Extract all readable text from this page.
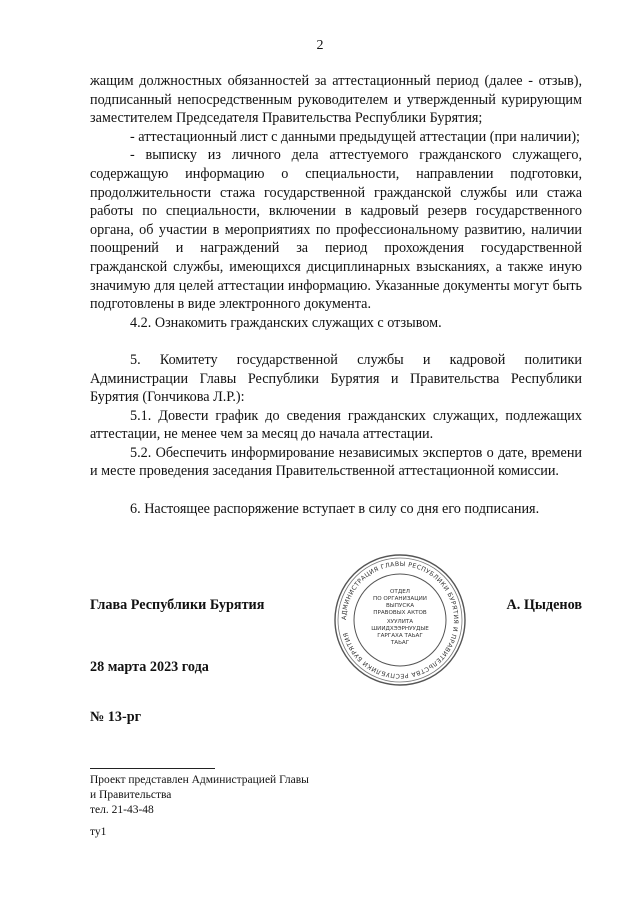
2

жащим должностных обязанностей за аттестационный период (далее - отзыв), подписанный непосредственным руководителем и утвержденный курирующим заместителем Председателя Правительства Республики Бурятия;

- аттестационный лист с данными предыдущей аттестации (при наличии);

- выписку из личного дела аттестуемого гражданского служащего, содержащую информацию о специальности, направлении подготовки, продолжительности стажа государственной гражданской службы или стажа работы по специальности, включении в кадровый резерв государственного органа, об участии в мероприятиях по профессиональному развитию, наличии поощрений и награждений за период прохождения государственной гражданской службы, имеющихся дисциплинарных взысканиях, а также иную значимую для целей аттестации информацию. Указанные документы могут быть подготовлены в виде электронного документа.

4.2. Ознакомить гражданских служащих с отзывом.

5. Комитету государственной службы и кадровой политики Администрации Главы Республики Бурятия и Правительства Республики Бурятия (Гончикова Л.Р.):

5.1. Довести график до сведения гражданских служащих, подлежащих аттестации, не менее чем за месяц до начала аттестации.

5.2. Обеспечить информирование независимых экспертов о дате, времени и месте проведения заседания Правительственной аттестационной комиссии.

6. Настоящее распоряжение вступает в силу со дня его подписания.

АДМИНИСТРАЦИЯ ГЛАВЫ РЕСПУБЛИКИ БУРЯТИЯ И ПРАВИТЕЛЬСТВА РЕСПУБЛИКИ БУРЯТИЯ
ОТДЕЛ
ПО ОРГАНИЗАЦИИ
ВЫПУСКА
ПРАВОВЫХ АКТОВ
ХУУЛИТА
ШИИДХЭЭРНУУДЫЕ
ГАРГАХА ТАЬАГ
ТАЬАГ
Глава Республики Бурятия	А. Цыденов
28 марта 2023 года
№ 13-рг
Проект представлен Администрацией Главы
и Правительства
тел. 21-43-48
ту1
